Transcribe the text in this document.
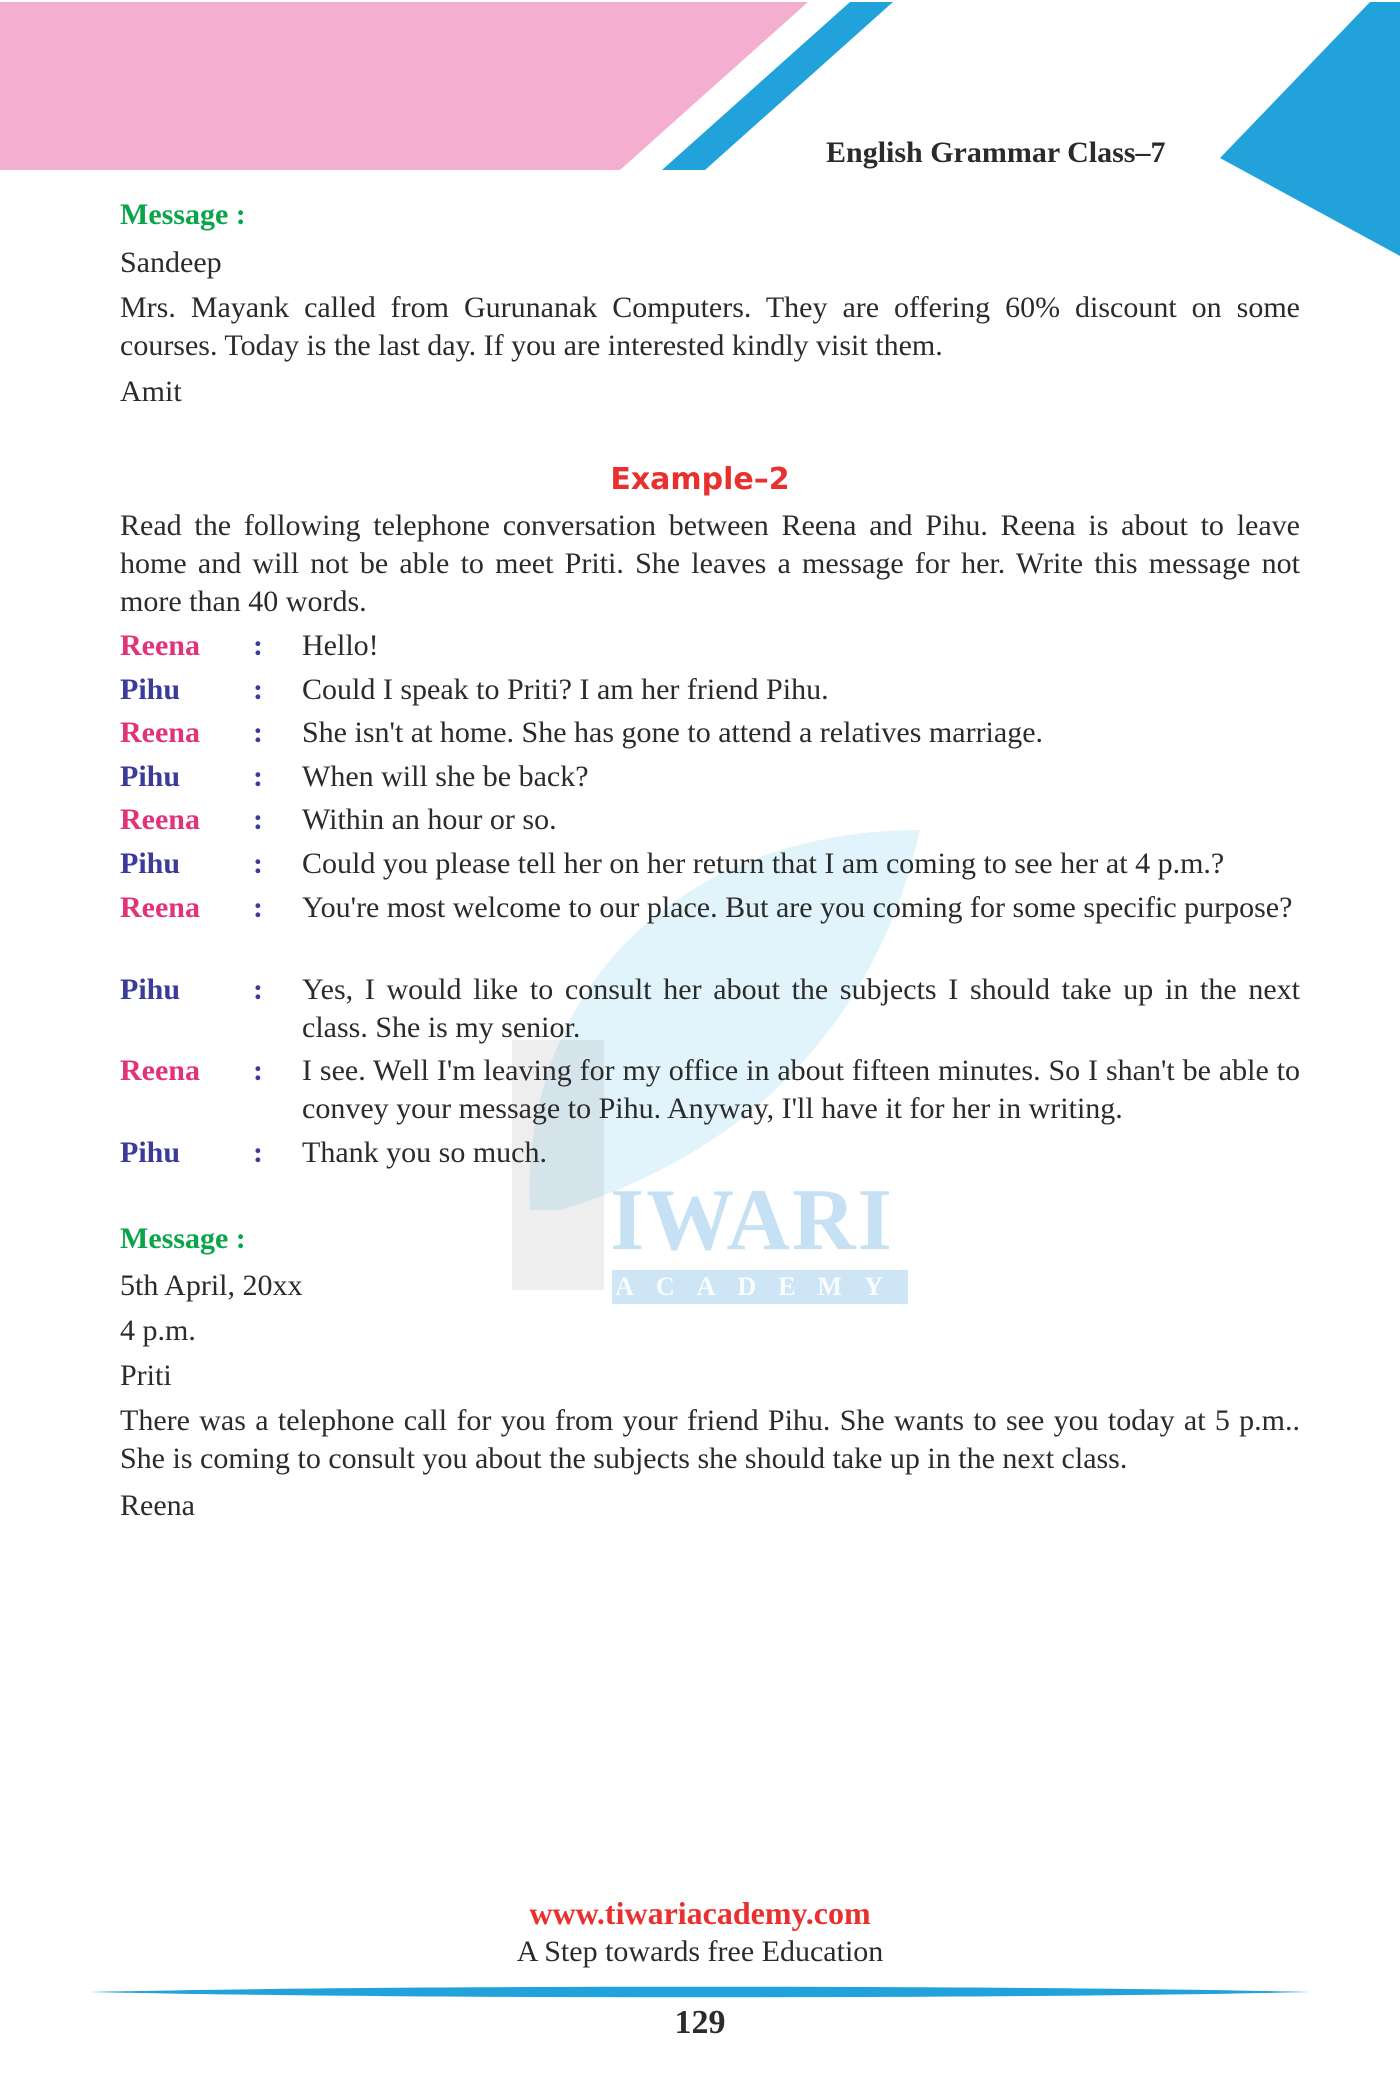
English Grammar Class–7
IWARI
ACADEMY
Message :
Sandeep
Mrs. Mayank called from Gurunanak Computers. They are offering 60% discount on some courses. Today is the last day. If you are interested kindly visit them.
Amit
Example–2
Read the following telephone conversation between Reena and Pihu. Reena is about to leave home and will not be able to meet Priti. She leaves a message for her. Write this message not more than 40 words.
Reena : Hello!
Pihu : Could I speak to Priti? I am her friend Pihu.
Reena : She isn't at home. She has gone to attend a relatives marriage.
Pihu : When will she be back?
Reena : Within an hour or so.
Pihu : Could you please tell her on her return that I am coming to see her at 4 p.m.?
Reena : You're most welcome to our place. But are you coming for some specific purpose?
Pihu : Yes, I would like to consult her about the subjects I should take up in the next class. She is my senior.
Reena : I see. Well I'm leaving for my office in about fifteen minutes. So I shan't be able to convey your message to Pihu. Anyway, I'll have it for her in writing.
Pihu : Thank you so much.
Message :
5th April, 20xx
4 p.m.
Priti
There was a telephone call for you from your friend Pihu. She wants to see you today at 5 p.m.. She is coming to consult you about the subjects she should take up in the next class.
Reena
www.tiwariacademy.com
A Step towards free Education
129
